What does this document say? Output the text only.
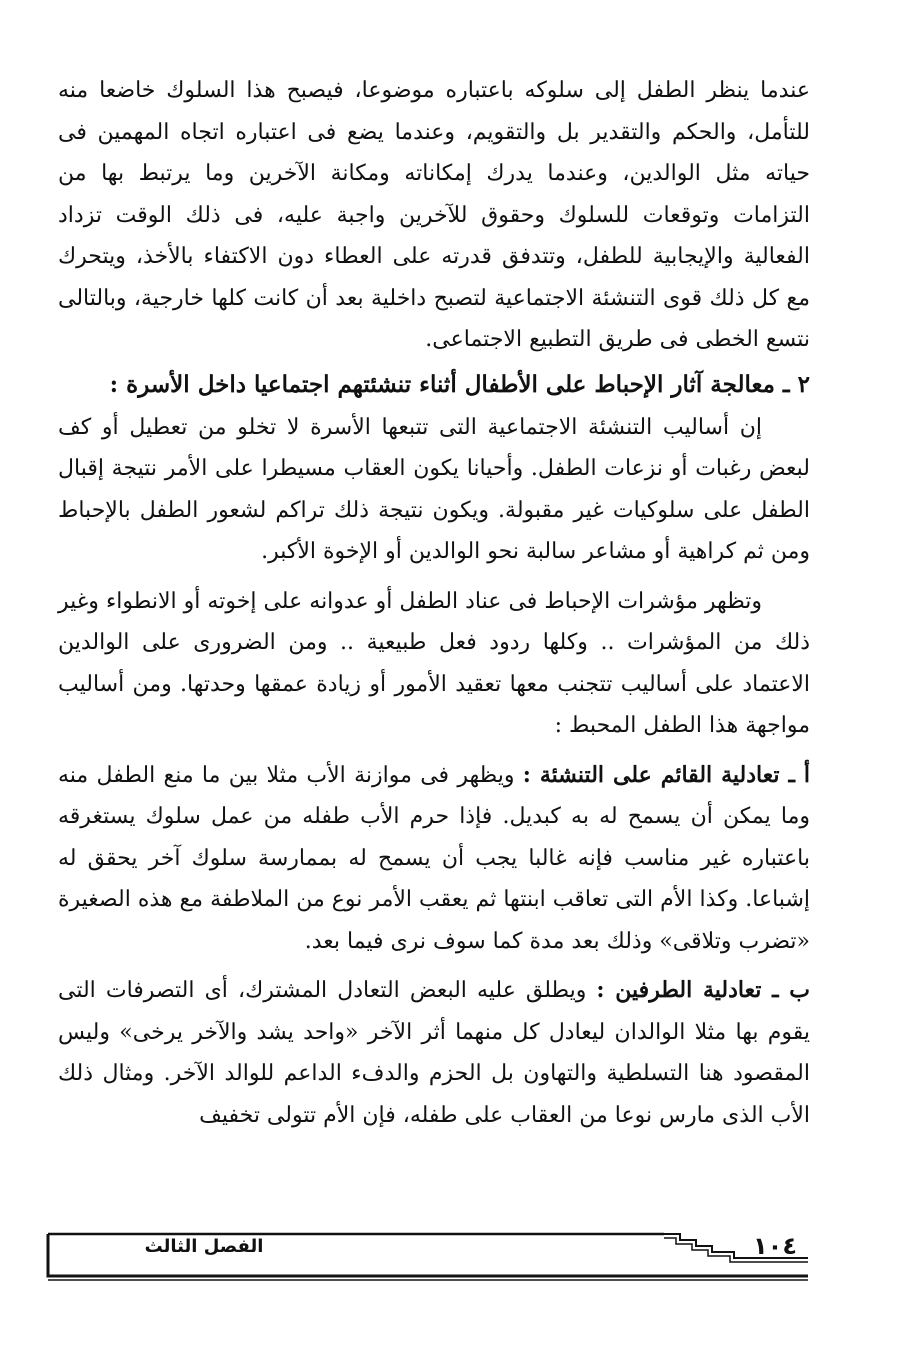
عندما ينظر الطفل إلى سلوكه باعتباره موضوعا، فيصبح هذا السلوك خاضعا منه للتأمل، والحكم والتقدير بل والتقويم، وعندما يضع فى اعتباره اتجاه المهمين فى حياته مثل الوالدين، وعندما يدرك إمكاناته ومكانة الآخرين وما يرتبط بها من التزامات وتوقعات للسلوك وحقوق للآخرين واجبة عليه، فى ذلك الوقت تزداد الفعالية والإيجابية للطفل، وتتدفق قدرته على العطاء دون الاكتفاء بالأخذ، ويتحرك مع كل ذلك قوى التنشئة الاجتماعية لتصبح داخلية بعد أن كانت كلها خارجية، وبالتالى نتسع الخطى فى طريق التطبيع الاجتماعى.

٢ ـ معالجة آثار الإحباط على الأطفال أثناء تنشئتهم اجتماعيا داخل الأسرة :

إن أساليب التنشئة الاجتماعية التى تتبعها الأسرة لا تخلو من تعطيل أو كف لبعض رغبات أو نزعات الطفل. وأحيانا يكون العقاب مسيطرا على الأمر نتيجة إقبال الطفل على سلوكيات غير مقبولة. ويكون نتيجة ذلك تراكم لشعور الطفل بالإحباط ومن ثم كراهية أو مشاعر سالبة نحو الوالدين أو الإخوة الأكبر.

وتظهر مؤشرات الإحباط فى عناد الطفل أو عدوانه على إخوته أو الانطواء وغير ذلك من المؤشرات .. وكلها ردود فعل طبيعية .. ومن الضرورى على الوالدين الاعتماد على أساليب تتجنب معها تعقيد الأمور أو زيادة عمقها وحدتها. ومن أساليب مواجهة هذا الطفل المحبط :

أ ـ تعادلية القائم على التنشئة : ويظهر فى موازنة الأب مثلا بين ما منع الطفل منه وما يمكن أن يسمح له به كبديل. فإذا حرم الأب طفله من عمل سلوك يستغرقه باعتباره غير مناسب فإنه غالبا يجب أن يسمح له بممارسة سلوك آخر يحقق له إشباعا. وكذا الأم التى تعاقب ابنتها ثم يعقب الأمر نوع من الملاطفة مع هذه الصغيرة «تضرب وتلاقى» وذلك بعد مدة كما سوف نرى فيما بعد.

ب ـ تعادلية الطرفين : ويطلق عليه البعض التعادل المشترك، أى التصرفات التى يقوم بها مثلا الوالدان ليعادل كل منهما أثر الآخر «واحد يشد والآخر يرخى» وليس المقصود هنا التسلطية والتهاون بل الحزم والدفء الداعم للوالد الآخر. ومثال ذلك الأب الذى مارس نوعا من العقاب على طفله، فإن الأم تتولى تخفيف

الفصل الثالث	١٠٤
